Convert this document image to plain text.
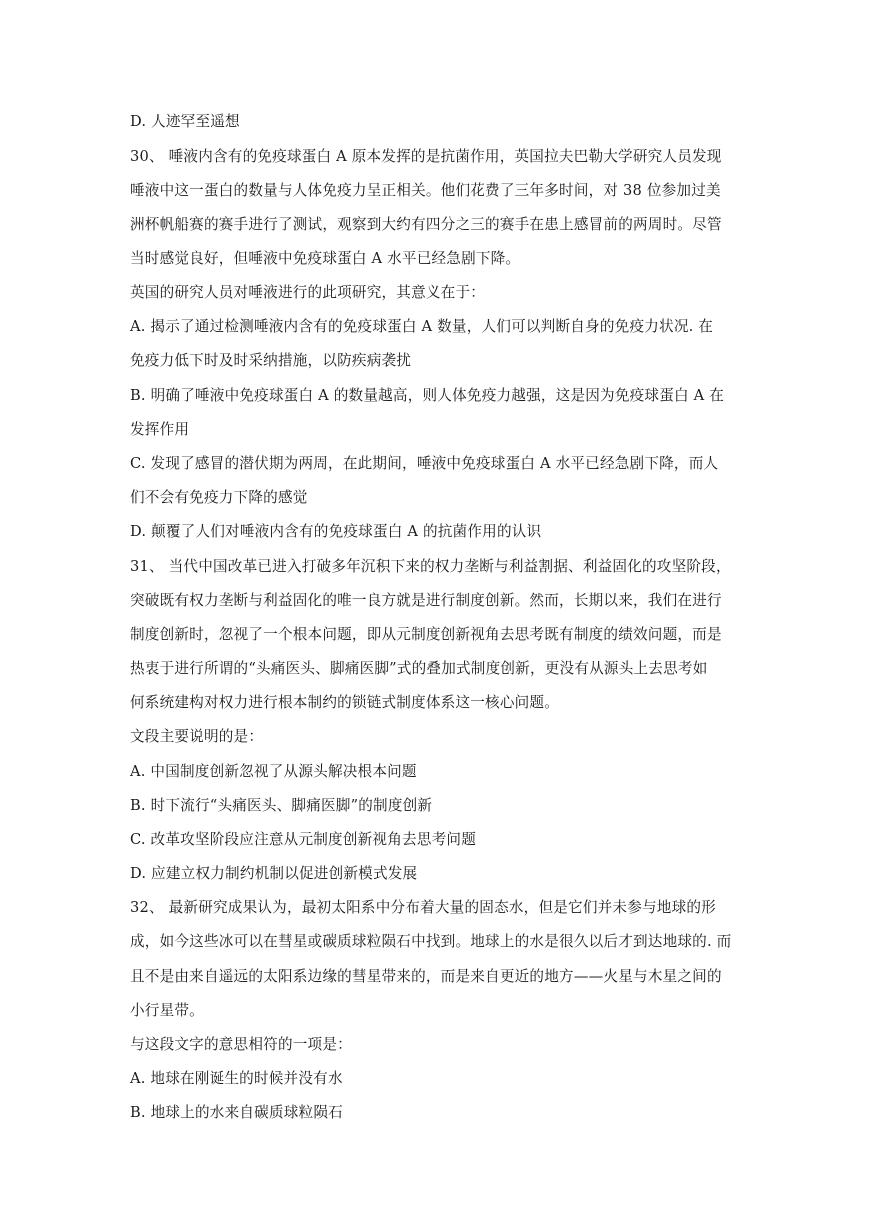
D. 人迹罕至遥想
30、 唾液内含有的免疫球蛋白 A 原本发挥的是抗菌作用，英国拉夫巴勒大学研究人员发现
唾液中这一蛋白的数量与人体免疫力呈正相关。他们花费了三年多时间，对 38 位参加过美
洲杯帆船赛的赛手进行了测试，观察到大约有四分之三的赛手在患上感冒前的两周时。尽管
当时感觉良好，但唾液中免疫球蛋白 A 水平已经急剧下降。
英国的研究人员对唾液进行的此项研究，其意义在于：
A. 揭示了通过检测唾液内含有的免疫球蛋白 A 数量，人们可以判断自身的免疫力状况. 在
免疫力低下时及时采纳措施，以防疾病袭扰
B. 明确了唾液中免疫球蛋白 A 的数量越高，则人体免疫力越强，这是因为免疫球蛋白 A 在
发挥作用
C. 发现了感冒的潜伏期为两周，在此期间，唾液中免疫球蛋白 A 水平已经急剧下降，而人
们不会有免疫力下降的感觉
D. 颠覆了人们对唾液内含有的免疫球蛋白 A 的抗菌作用的认识
31、 当代中国改革已进入打破多年沉积下来的权力垄断与利益割据、利益固化的攻坚阶段，
突破既有权力垄断与利益固化的唯一良方就是进行制度创新。然而，长期以来，我们在进行
制度创新时，忽视了一个根本问题，即从元制度创新视角去思考既有制度的绩效问题，而是
热衷于进行所谓的“头痛医头、脚痛医脚”式的叠加式制度创新，更没有从源头上去思考如
何系统建构对权力进行根本制约的锁链式制度体系这一核心问题。
文段主要说明的是：
A. 中国制度创新忽视了从源头解决根本问题
B. 时下流行“头痛医头、脚痛医脚”的制度创新
C. 改革攻坚阶段应注意从元制度创新视角去思考问题
D. 应建立权力制约机制以促进创新模式发展
32、 最新研究成果认为，最初太阳系中分布着大量的固态水，但是它们并未参与地球的形
成，如今这些冰可以在彗星或碳质球粒陨石中找到。地球上的水是很久以后才到达地球的. 而
且不是由来自遥远的太阳系边缘的彗星带来的，而是来自更近的地方——火星与木星之间的
小行星带。
与这段文字的意思相符的一项是：
A. 地球在刚诞生的时候并没有水
B. 地球上的水来自碳质球粒陨石
